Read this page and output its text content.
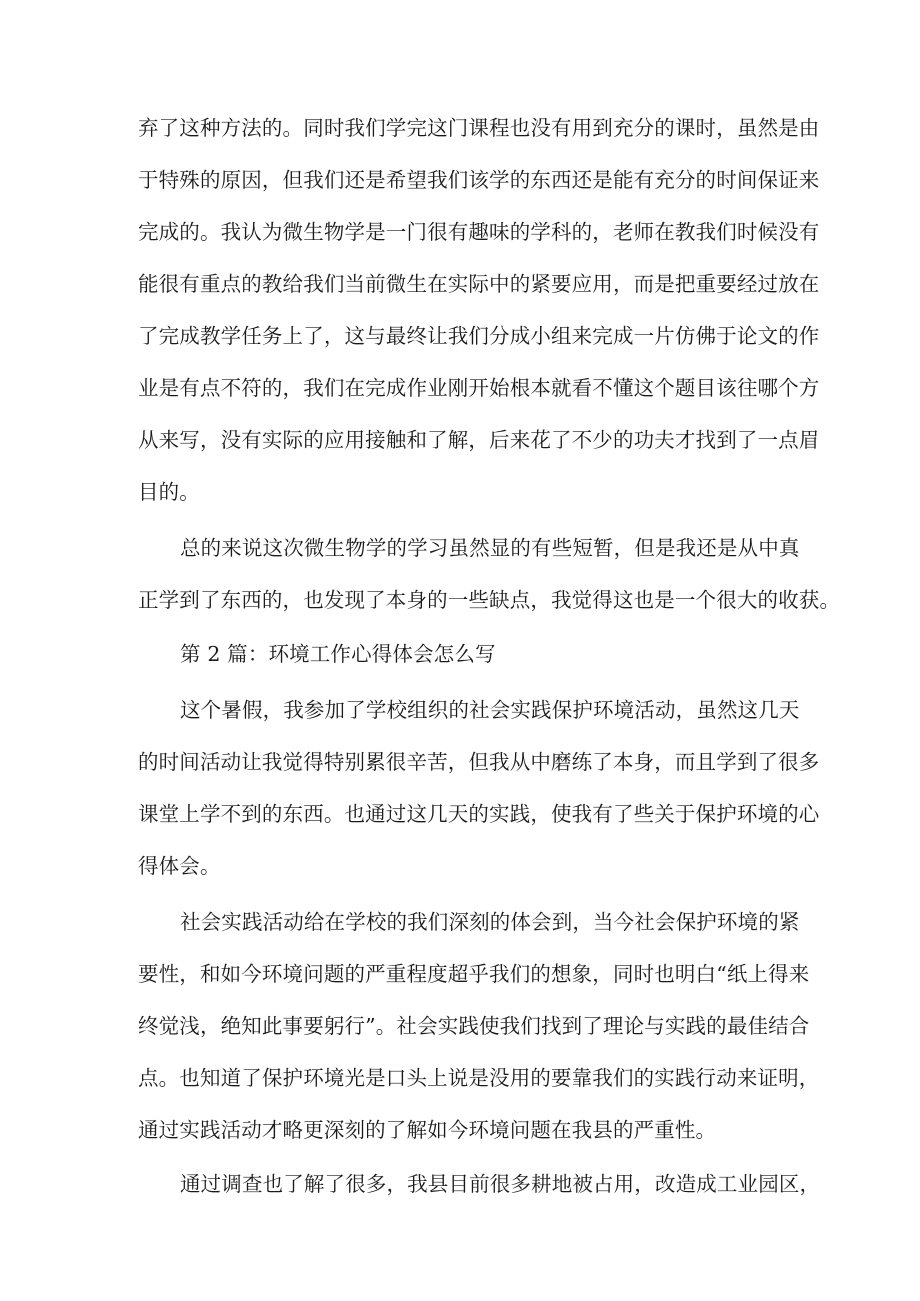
弃了这种方法的。同时我们学完这门课程也没有用到充分的课时，虽然是由
于特殊的原因，但我们还是希望我们该学的东西还是能有充分的时间保证来
完成的。我认为微生物学是一门很有趣味的学科的，老师在教我们时候没有
能很有重点的教给我们当前微生在实际中的紧要应用，而是把重要经过放在
了完成教学任务上了，这与最终让我们分成小组来完成一片仿佛于论文的作
业是有点不符的，我们在完成作业刚开始根本就看不懂这个题目该往哪个方
从来写，没有实际的应用接触和了解，后来花了不少的功夫才找到了一点眉
目的。
总的来说这次微生物学的学习虽然显的有些短暂，但是我还是从中真
正学到了东西的，也发现了本身的一些缺点，我觉得这也是一个很大的收获。
第 2 篇：环境工作心得体会怎么写
这个暑假，我参加了学校组织的社会实践保护环境活动，虽然这几天
的时间活动让我觉得特别累很辛苦，但我从中磨练了本身，而且学到了很多
课堂上学不到的东西。也通过这几天的实践，使我有了些关于保护环境的心
得体会。
社会实践活动给在学校的我们深刻的体会到，当今社会保护环境的紧
要性，和如今环境问题的严重程度超乎我们的想象，同时也明白“纸上得来
终觉浅，绝知此事要躬行”。社会实践使我们找到了理论与实践的最佳结合
点。也知道了保护环境光是口头上说是没用的要靠我们的实践行动来证明，
通过实践活动才略更深刻的了解如今环境问题在我县的严重性。
通过调查也了解了很多，我县目前很多耕地被占用，改造成工业园区，
